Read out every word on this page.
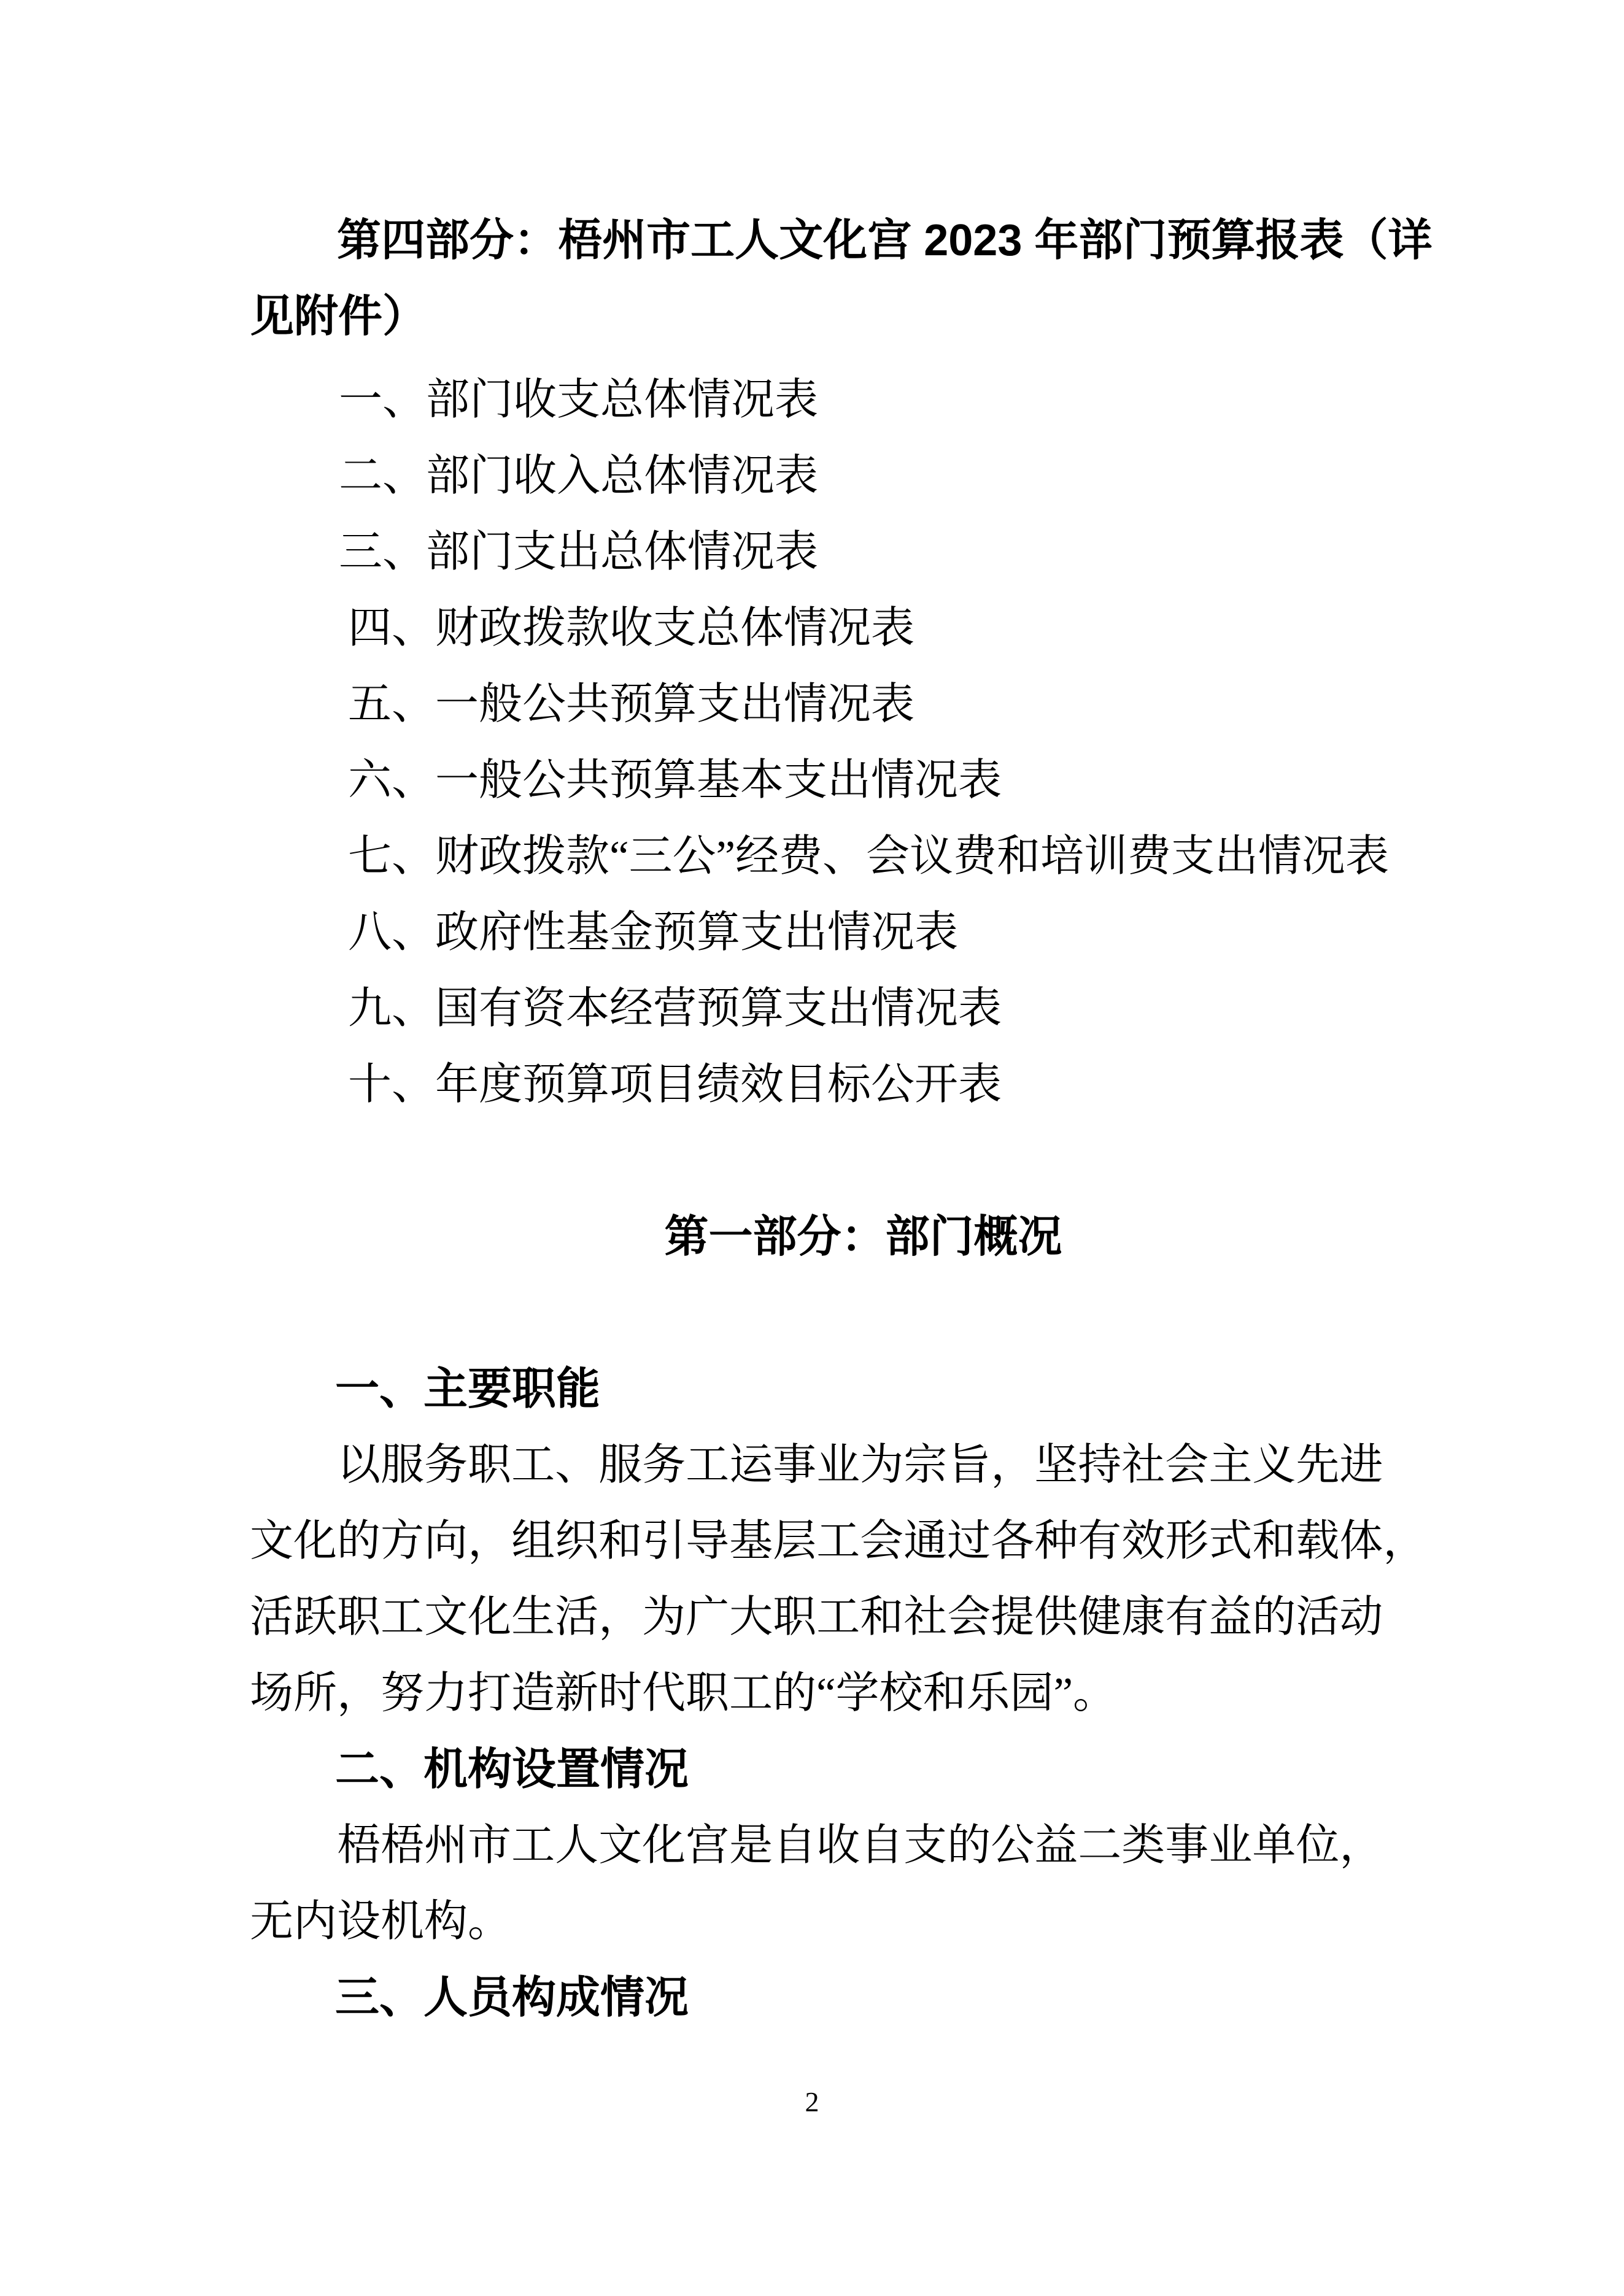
第 四 部 分 ： 梧 州 市 工 人 文 化 宫 2023 年 部 门 预 算 报 表 （ 详
见附件）
一、部门收支总体情况表
二、部门收入总体情况表
三、部门支出总体情况表
四、财政拨款收支总体情况表
五、一般公共预算支出情况表
六、一般公共预算基本支出情况表
七、财政拨款“三公”经费、会议费和培训费支出情况表
八、政府性基金预算支出情况表
九、国有资本经营预算支出情况表
十、年度预算项目绩效目标公开表
第一部分：部门概况
一、主要职能
以 服 务 职 工 、 服 务 工 运 事 业 为 宗 旨 ， 坚 持 社 会 主 义 先 进
文 化 的 方 向 ， 组 织 和 引 导 基 层 工 会 通 过 各 种 有 效 形 式 和 载 体 ，
活 跃 职 工 文 化 生 活 ， 为 广 大 职 工 和 社 会 提 供 健 康 有 益 的 活 动
场所，努力打造新时代职工的“学校和乐园”。
二、机构设置情况
梧 梧 州 市 工 人 文 化 宫 是 自 收 自 支 的 公 益 二 类 事 业 单 位 ，
无内设机构。
三、人员构成情况
2
